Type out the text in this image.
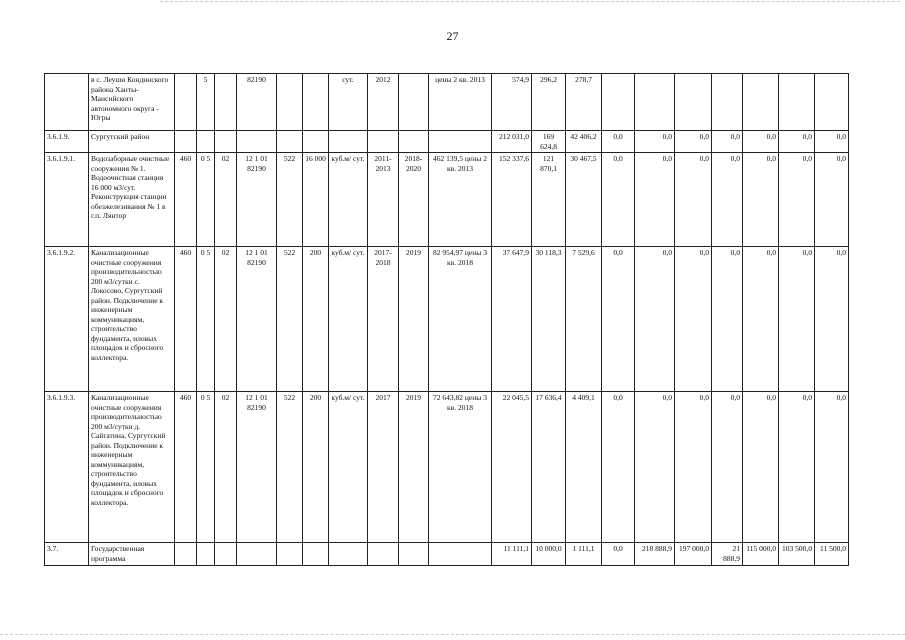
27
	в с. Леуши Кондинского района Ханты-Мансийского автономного округа - Югры		5		82190			сут.	2012		цены 2 кв. 2013	574,9	296,2	278,7							
3.6.1.9.	Сургутский район											212 031,0	169 624,8	42 406,2	0,0	0,0	0,0	0,0	0,0	0,0	0,0
3.6.1.9.1.	Водозаборные очистные сооружения № 1. Водоочистная станция 16 000 м3/сут. Реконструкция станции обезжелезивания № 1 в г.п. Лянтор	460	0 5	02	12 1 01 82190	522	16 000	куб.м/ сут.	2011-2013	2018-2020	462 139,5 цены 2 кв. 2013	152 337,6	121 870,1	30 467,5	0,0	0,0	0,0	0,0	0,0	0,0	0,0
3.6.1.9.2.	Канализационные очистные сооружения производительностью 200 м3/сутки с. Локосово, Сургутский район. Подключение к инженерным коммуникациям, строительство фундамента, иловых площадок и сбросного коллектора.	460	0 5	02	12 1 01 82190	522	200	куб.м/ сут.	2017-2018	2019	82 954,97 цены 3 кв. 2018	37 647,9	30 118,3	7 529,6	0,0	0,0	0,0	0,0	0,0	0,0	0,0
3.6.1.9.3.	Канализационные очистные сооружения производительностью 200 м3/сутки д. Сайгатина, Сургутский район. Подключение к инженерным коммуникациям, строительство фундамента, иловых площадок и сбросного коллектора.	460	0 5	02	12 1 01 82190	522	200	куб.м/ сут.	2017	2019	72 643,82 цены 3 кв. 2018	22 045,5	17 636,4	4 409,1	0,0	0,0	0,0	0,0	0,0	0,0	0,0
3.7.	Государственная программа											11 111,1	10 000,0	1 111,1	0,0	218 888,9	197 000,0	21 888,9	115 000,0	103 500,0	11 500,0
